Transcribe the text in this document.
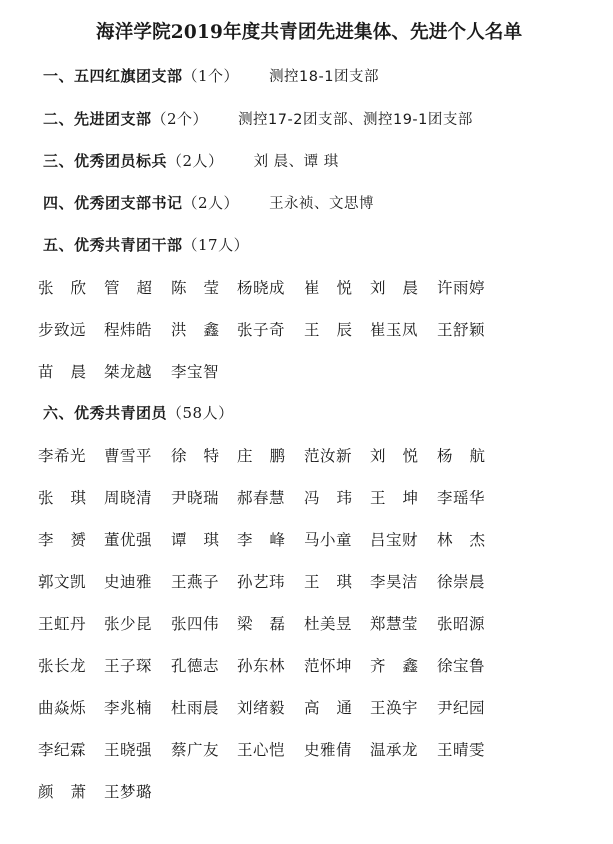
海洋学院2019年度共青团先进集体、先进个人名单
一、五四红旗团支部（1个） 测控18-1团支部
二、先进团支部（2个） 测控17-2团支部、测控19-1团支部
三、优秀团员标兵（2人） 刘 晨、谭 琪
四、优秀团支部书记（2人） 王永祯、文思博
五、优秀共青团干部（17人）
张欣 管超 陈莹 杨晓成	崔悦 刘晨 许雨婷
步致远	程炜皓	洪鑫 张子奇	王辰 崔玉凤	王舒颖
苗晨 桀龙越	李宝智
六、优秀共青团员（58人）
李希光	曹雪平	徐特 庄鹏 范汝新	刘悦 杨航
张琪 周晓清	尹晓瑞	郝春慧	冯玮 王坤 李瑶华
李赟 董优强	谭琪 李峰 马小童	吕宝财	林杰
郭文凯	史迪雅	王燕子	孙艺玮	王琪 李昊洁	徐崇晨
王虹丹	张少昆	张四伟	梁磊 杜美昱	郑慧莹	张昭源
张长龙	王子琛	孔德志	孙东林	范怀坤	齐鑫 徐宝鲁
曲焱烁	李兆楠	杜雨晨	刘绪毅	高通 王涣宇	尹纪园
李纪霖	王晓强	蔡广友	王心恺	史雅倩	温承龙	王晴雯
颜萧 王梦璐
